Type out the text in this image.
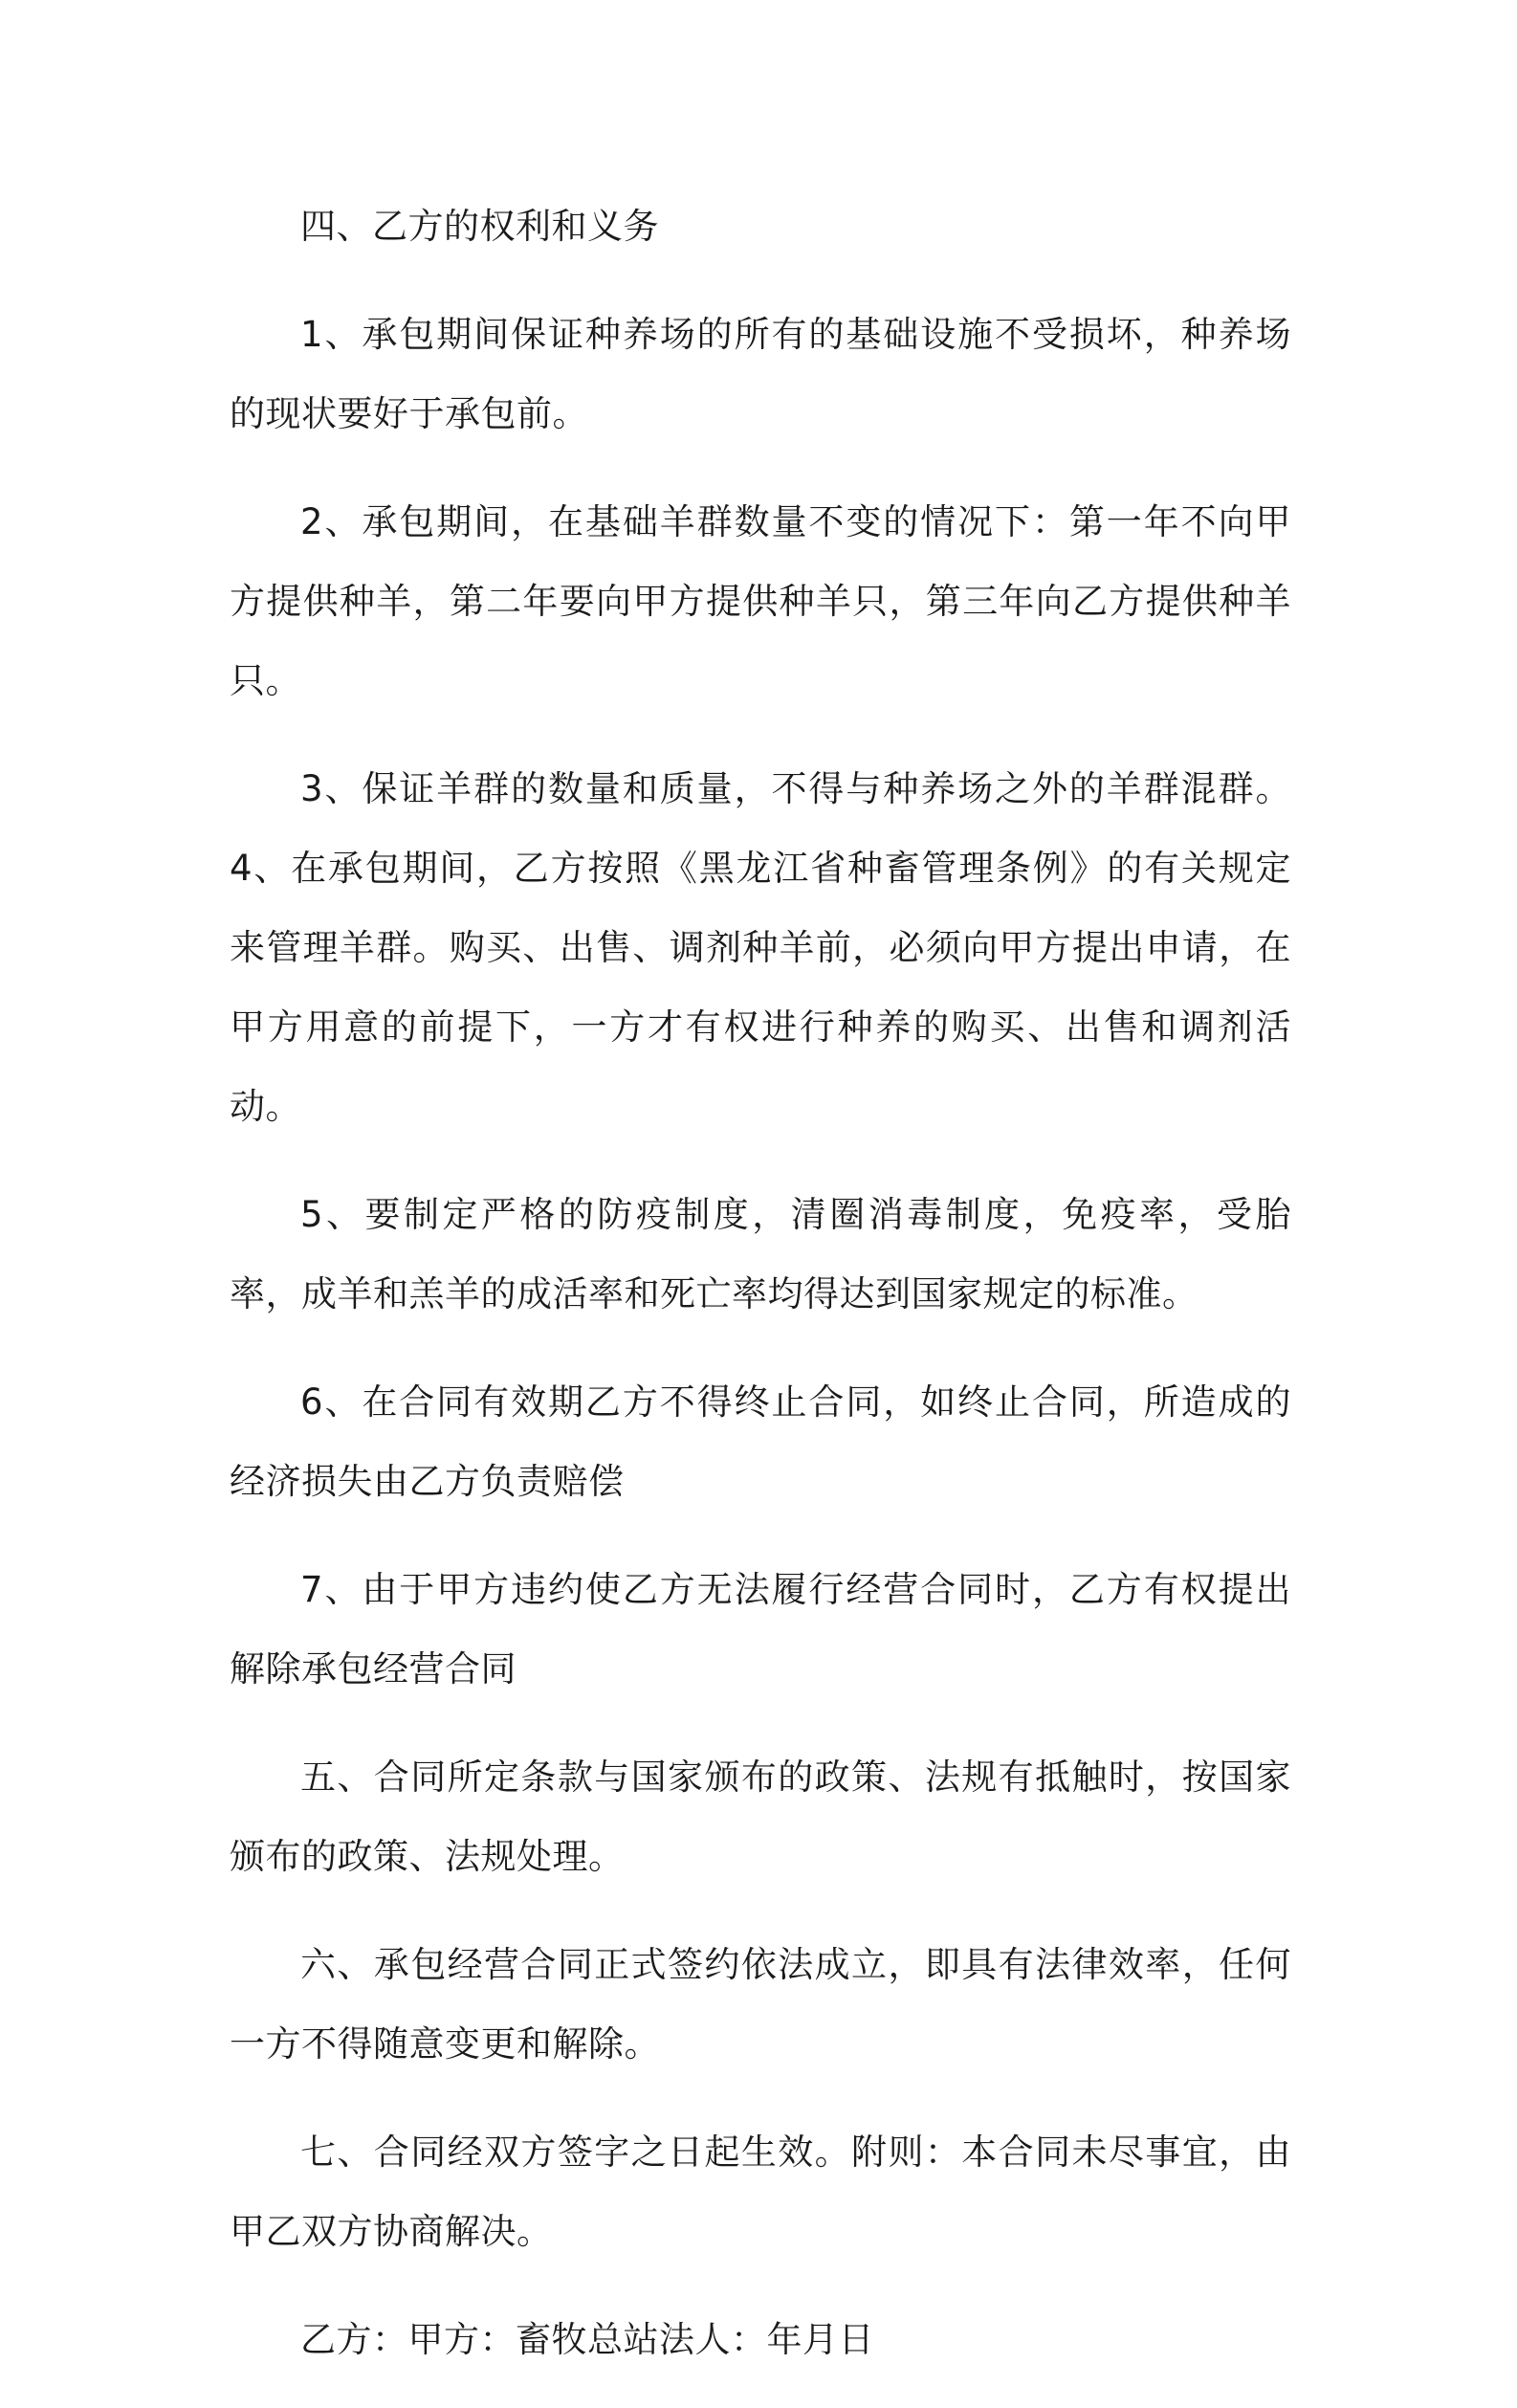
四、乙方的权利和义务

1、承包期间保证种养场的所有的基础设施不受损坏，种养场的现状要好于承包前。

2、承包期间，在基础羊群数量不变的情况下：第一年不向甲方提供种羊，第二年要向甲方提供种羊只，第三年向乙方提供种羊只。

3、保证羊群的数量和质量，不得与种养场之外的羊群混群。4、在承包期间，乙方按照《黑龙江省种畜管理条例》的有关规定来管理羊群。购买、出售、调剂种羊前，必须向甲方提出申请，在甲方用意的前提下，一方才有权进行种养的购买、出售和调剂活动。

5、要制定严格的防疫制度，清圈消毒制度，免疫率，受胎率，成羊和羔羊的成活率和死亡率均得达到国家规定的标准。

6、在合同有效期乙方不得终止合同，如终止合同，所造成的经济损失由乙方负责赔偿

7、由于甲方违约使乙方无法履行经营合同时，乙方有权提出解除承包经营合同

五、合同所定条款与国家颁布的政策、法规有抵触时，按国家颁布的政策、法规处理。

六、承包经营合同正式签约依法成立，即具有法律效率，任何一方不得随意变更和解除。

七、合同经双方签字之日起生效。附则：本合同未尽事宜，由甲乙双方协商解决。

乙方：甲方：畜牧总站法人：年月日
